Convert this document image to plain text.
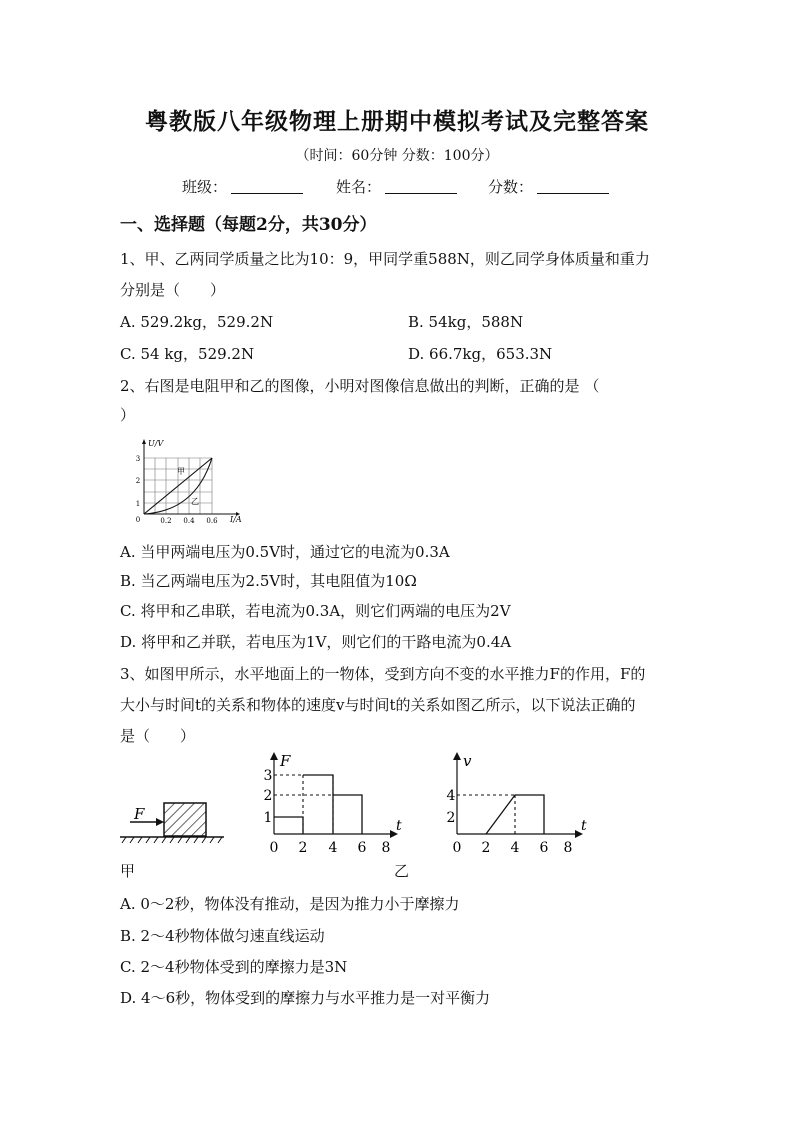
粤教版八年级物理上册期中模拟考试及完整答案
（时间：60分钟 分数：100分）
班级：	姓名：	分数：
一、选择题（每题2分，共30分）
1、甲、乙两同学质量之比为10：9，甲同学重588N，则乙同学身体质量和重力
分别是（　　）
A. 529.2kg，529.2N	B. 54kg，588N
C. 54 kg，529.2N	D. 66.7kg，653.3N
2、右图是电阻甲和乙的图像，小明对图像信息做出的判断，正确的是 （
）
U/V
I/A
1
2
3
0	0.2 0.4 0.6
甲
乙
A. 当甲两端电压为0.5V时，通过它的电流为0.3A
B. 当乙两端电压为2.5V时，其电阻值为10Ω
C. 将甲和乙串联，若电流为0.3A，则它们两端的电压为2V
D. 将甲和乙并联，若电压为1V，则它们的干路电流为0.4A
3、如图甲所示，水平地面上的一物体，受到方向不变的水平推力F的作用，F的
大小与时间t的关系和物体的速度v与时间t的关系如图乙所示，以下说法正确的
是（　　）
F
甲
F
t
1
2
3
0 2 4 6 8
乙
v
t
2
4
0 2 4 6 8
A. 0～2秒，物体没有推动，是因为推力小于摩擦力
B. 2～4秒物体做匀速直线运动
C. 2～4秒物体受到的摩擦力是3N
D. 4～6秒，物体受到的摩擦力与水平推力是一对平衡力
